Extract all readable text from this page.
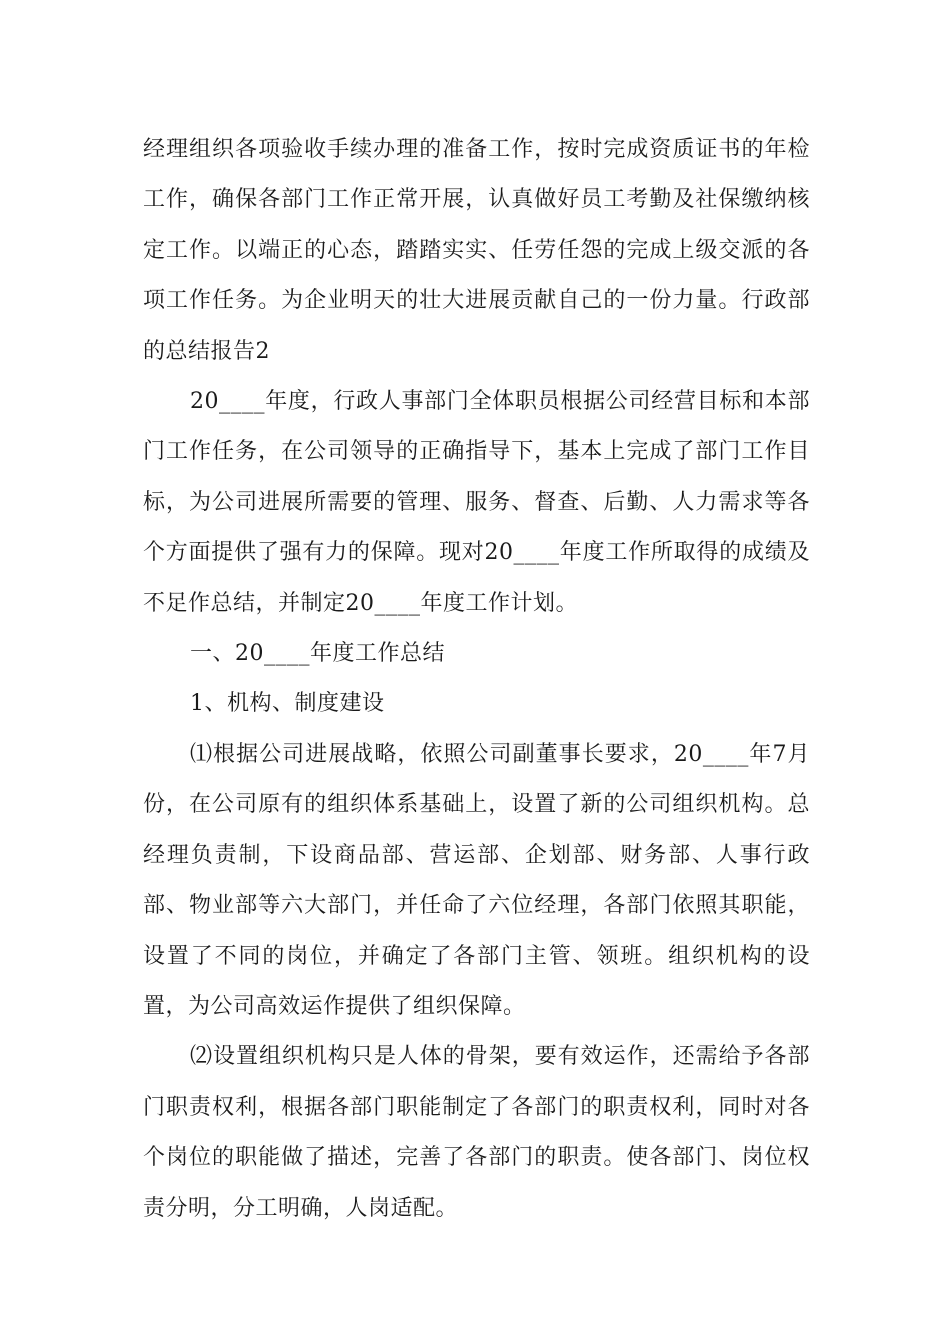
经理组织各项验收手续办理的准备工作，按时完成资质证书的年检工作，确保各部门工作正常开展，认真做好员工考勤及社保缴纳核定工作。以端正的心态，踏踏实实、任劳任怨的完成上级交派的各项工作任务。为企业明天的壮大进展贡献自己的一份力量。行政部的总结报告2

20____年度，行政人事部门全体职员根据公司经营目标和本部门工作任务，在公司领导的正确指导下，基本上完成了部门工作目标，为公司进展所需要的管理、服务、督查、后勤、人力需求等各个方面提供了强有力的保障。现对20____年度工作所取得的成绩及不足作总结，并制定20____年度工作计划。

一、20____年度工作总结

1、机构、制度建设

⑴根据公司进展战略，依照公司副董事长要求，20____年7月份，在公司原有的组织体系基础上，设置了新的公司组织机构。总经理负责制，下设商品部、营运部、企划部、财务部、人事行政部、物业部等六大部门，并任命了六位经理，各部门依照其职能，设置了不同的岗位，并确定了各部门主管、领班。组织机构的设置，为公司高效运作提供了组织保障。

⑵设置组织机构只是人体的骨架，要有效运作，还需给予各部门职责权利，根据各部门职能制定了各部门的职责权利，同时对各个岗位的职能做了描述，完善了各部门的职责。使各部门、岗位权责分明，分工明确，人岗适配。
